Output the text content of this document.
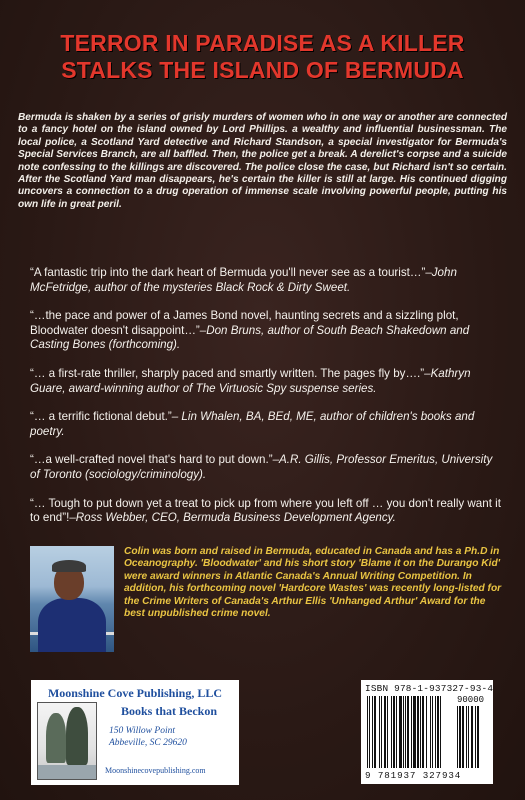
TERROR IN PARADISE AS A KILLER
STALKS THE ISLAND OF BERMUDA
Bermuda is shaken by a series of grisly murders of women who in one way or another are connected to a fancy hotel on the island owned by Lord Phillips. a wealthy and influential businessman. The local police, a Scotland Yard detective and Richard Standson, a special investigator for Bermuda's Special Services Branch, are all baffled. Then, the police get a break. A derelict's corpse and a suicide note confessing to the killings are discovered. The police close the case, but Richard isn't so certain. After the Scotland Yard man disappears, he's certain the killer is still at large. His continued digging uncovers a connection to a drug operation of immense scale involving powerful people, putting his own life in great peril.
“A fantastic trip into the dark heart of Bermuda you'll never see as a tourist…”–John McFetridge, author of the mysteries Black Rock & Dirty Sweet.
“…the pace and power of a James Bond novel, haunting secrets and a sizzling plot, Bloodwater doesn't disappoint…”–Don Bruns, author of South Beach Shakedown and Casting Bones (forthcoming).
“… a first-rate thriller, sharply paced and smartly written. The pages fly by….”–Kathryn Guare, award-winning author of The Virtuosic Spy suspense series.
“… a terrific fictional debut.”– Lin Whalen, BA, BEd, ME, author of children's books and poetry.
“…a well-crafted novel that's hard to put down.”–A.R. Gillis, Professor Emeritus, University of Toronto (sociology/criminology).
“… Tough to put down yet a treat to pick up from where you left off … you don't really want it to end”!–Ross Webber, CEO, Bermuda Business Development Agency.
Colin was born and raised in Bermuda, educated in Canada and has a Ph.D in Oceanography. 'Bloodwater' and his short story 'Blame it on the Durango Kid' were award winners in Atlantic Canada's Annual Writing Competition. In addition, his forthcoming novel 'Hardcore Wastes' was recently long-listed for the Crime Writers of Canada's Arthur Ellis 'Unhanged Arthur' Award for the best unpublished crime novel.
Moonshine Cove Publishing, LLC
Books that Beckon
150 Willow Point
Abbeville, SC 29620
Moonshinecovepublishing.com
ISBN 978-1-937327-93-4
90000
9 781937 327934
